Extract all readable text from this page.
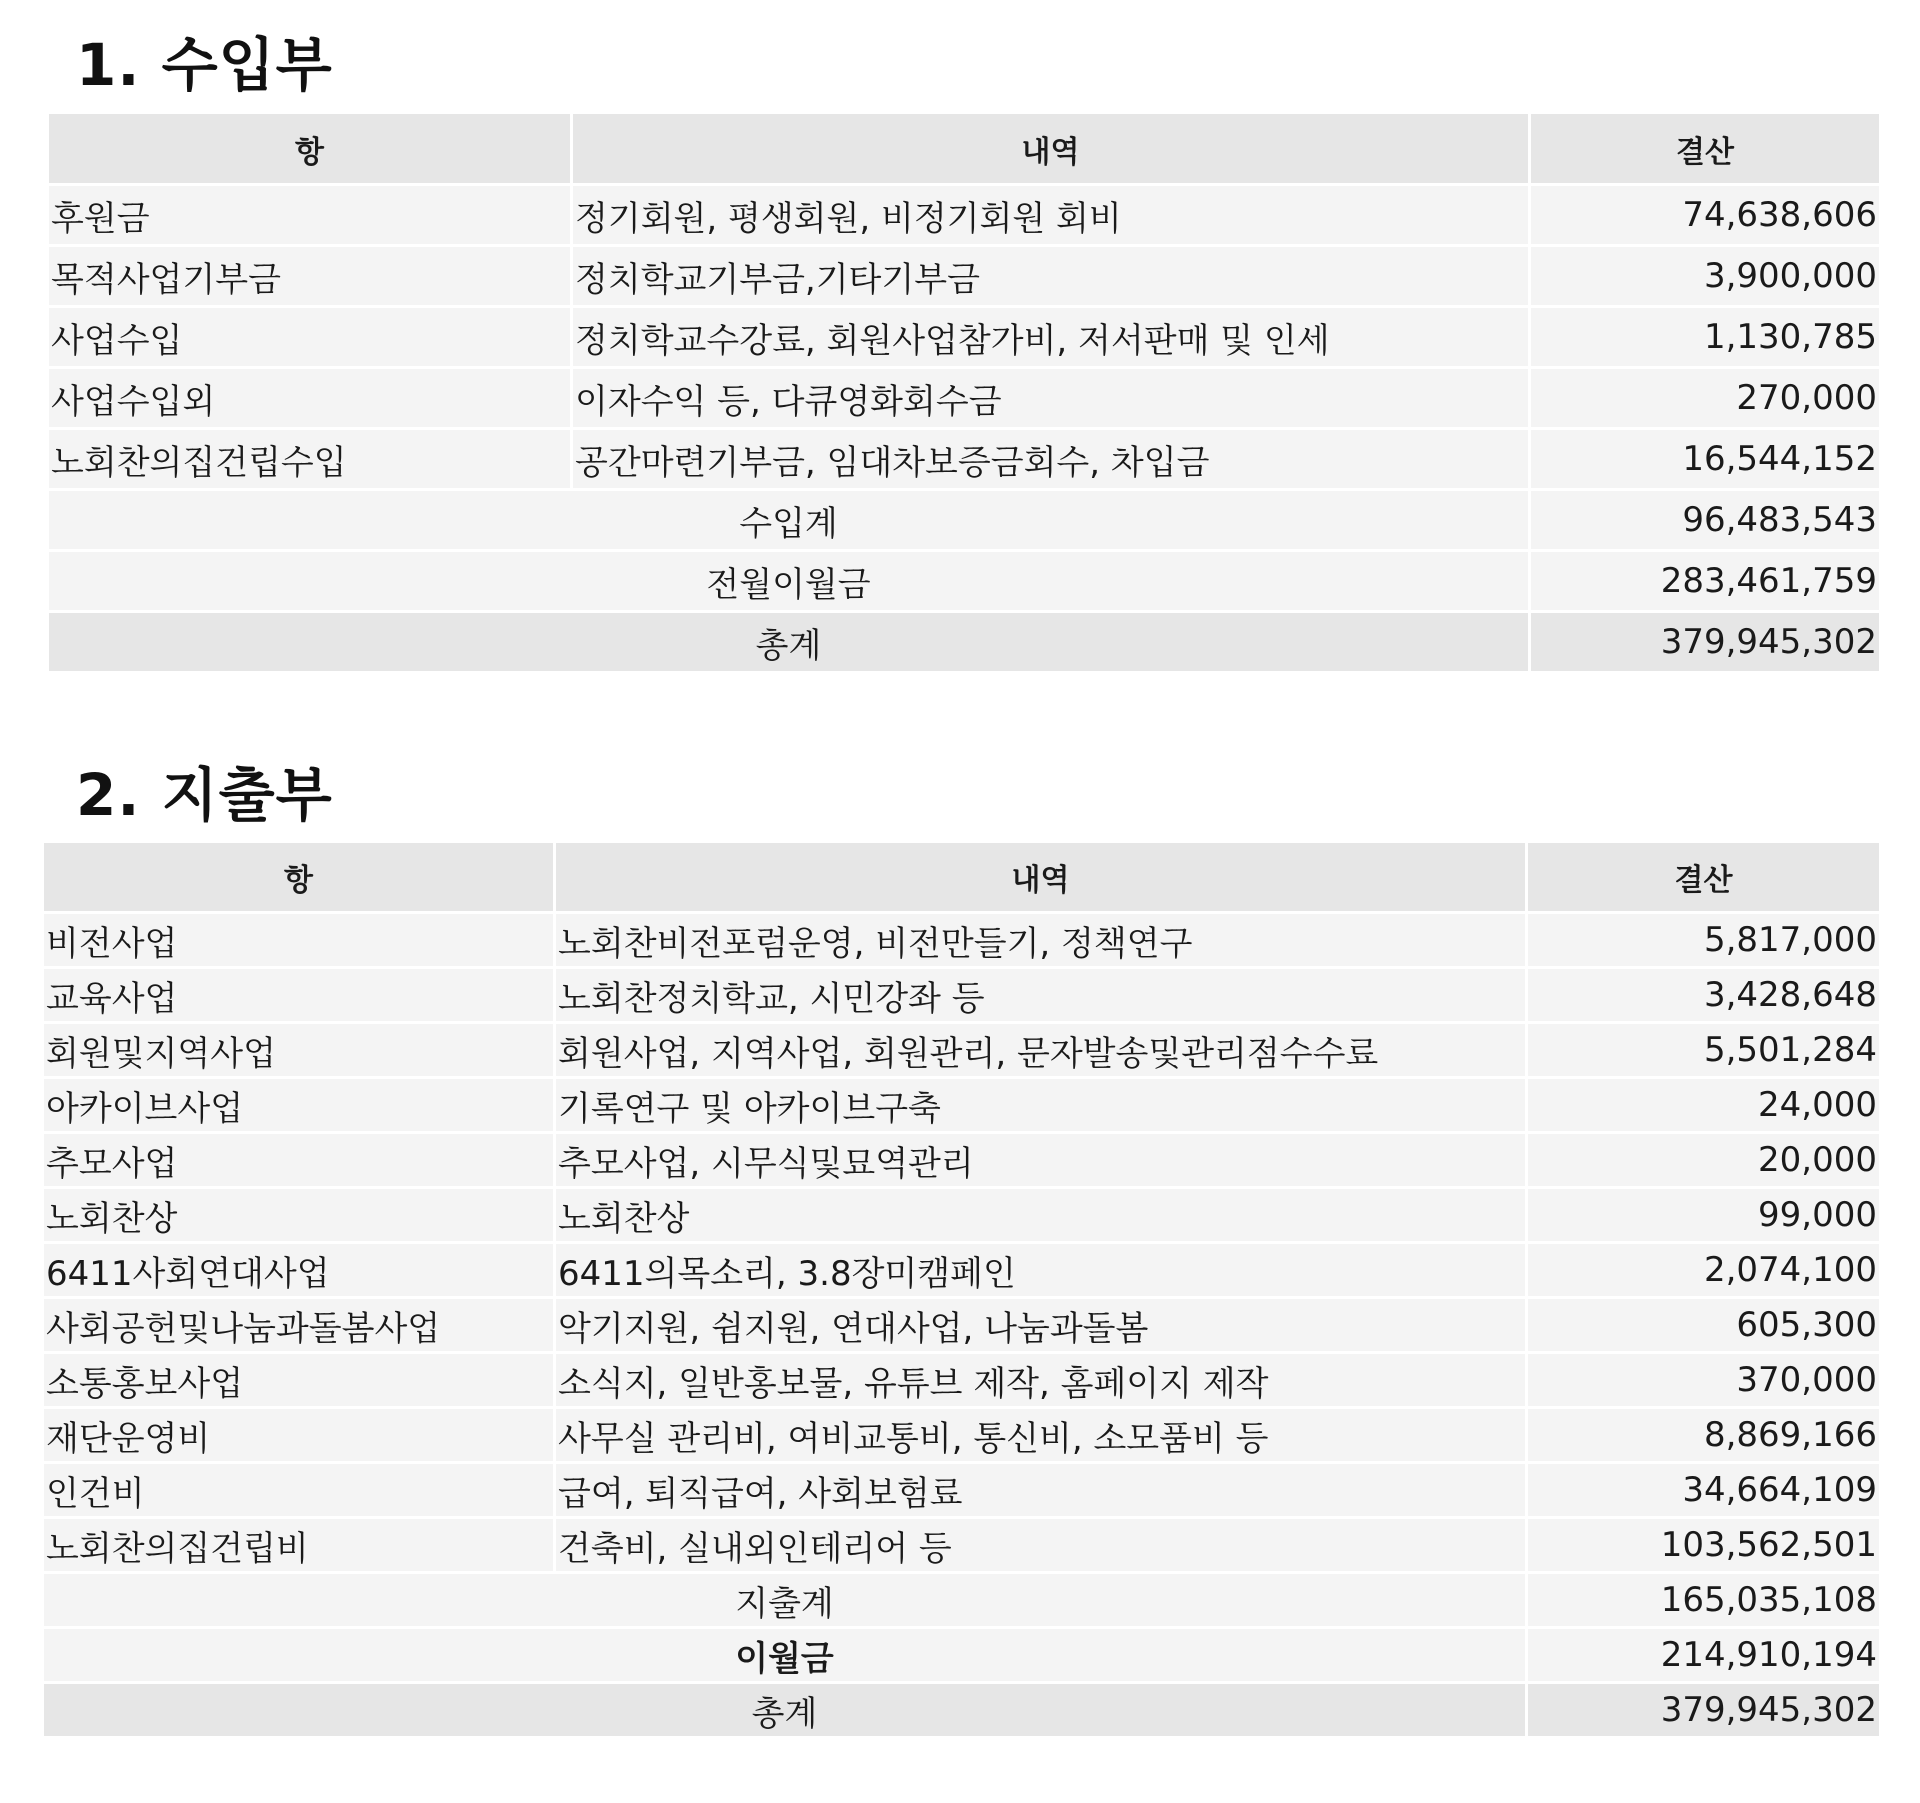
1. 수입부
항	내역	결산
후원금	정기회원, 평생회원, 비정기회원 회비	74,638,606
목적사업기부금	정치학교기부금,기타기부금	3,900,000
사업수입	정치학교수강료, 회원사업참가비, 저서판매 및 인세	1,130,785
사업수입외	이자수익 등, 다큐영화회수금	270,000
노회찬의집건립수입	공간마련기부금, 임대차보증금회수, 차입금	16,544,152
수입계		96,483,543
전월이월금		283,461,759
총계		379,945,302
2. 지출부
항	내역	결산
비전사업	노회찬비전포럼운영, 비전만들기, 정책연구	5,817,000
교육사업	노회찬정치학교, 시민강좌 등	3,428,648
회원및지역사업	회원사업, 지역사업, 회원관리, 문자발송및관리점수수료	5,501,284
아카이브사업	기록연구 및 아카이브구축	24,000
추모사업	추모사업, 시무식및묘역관리	20,000
노회찬상	노회찬상	99,000
6411사회연대사업	6411의목소리, 3.8장미캠페인	2,074,100
사회공헌및나눔과돌봄사업	악기지원, 쉼지원, 연대사업, 나눔과돌봄	605,300
소통홍보사업	소식지, 일반홍보물, 유튜브 제작, 홈페이지 제작	370,000
재단운영비	사무실 관리비, 여비교통비, 통신비, 소모품비 등	8,869,166
인건비	급여, 퇴직급여, 사회보험료	34,664,109
노회찬의집건립비	건축비, 실내외인테리어 등	103,562,501
지출계		165,035,108
이월금		214,910,194
총계		379,945,302
